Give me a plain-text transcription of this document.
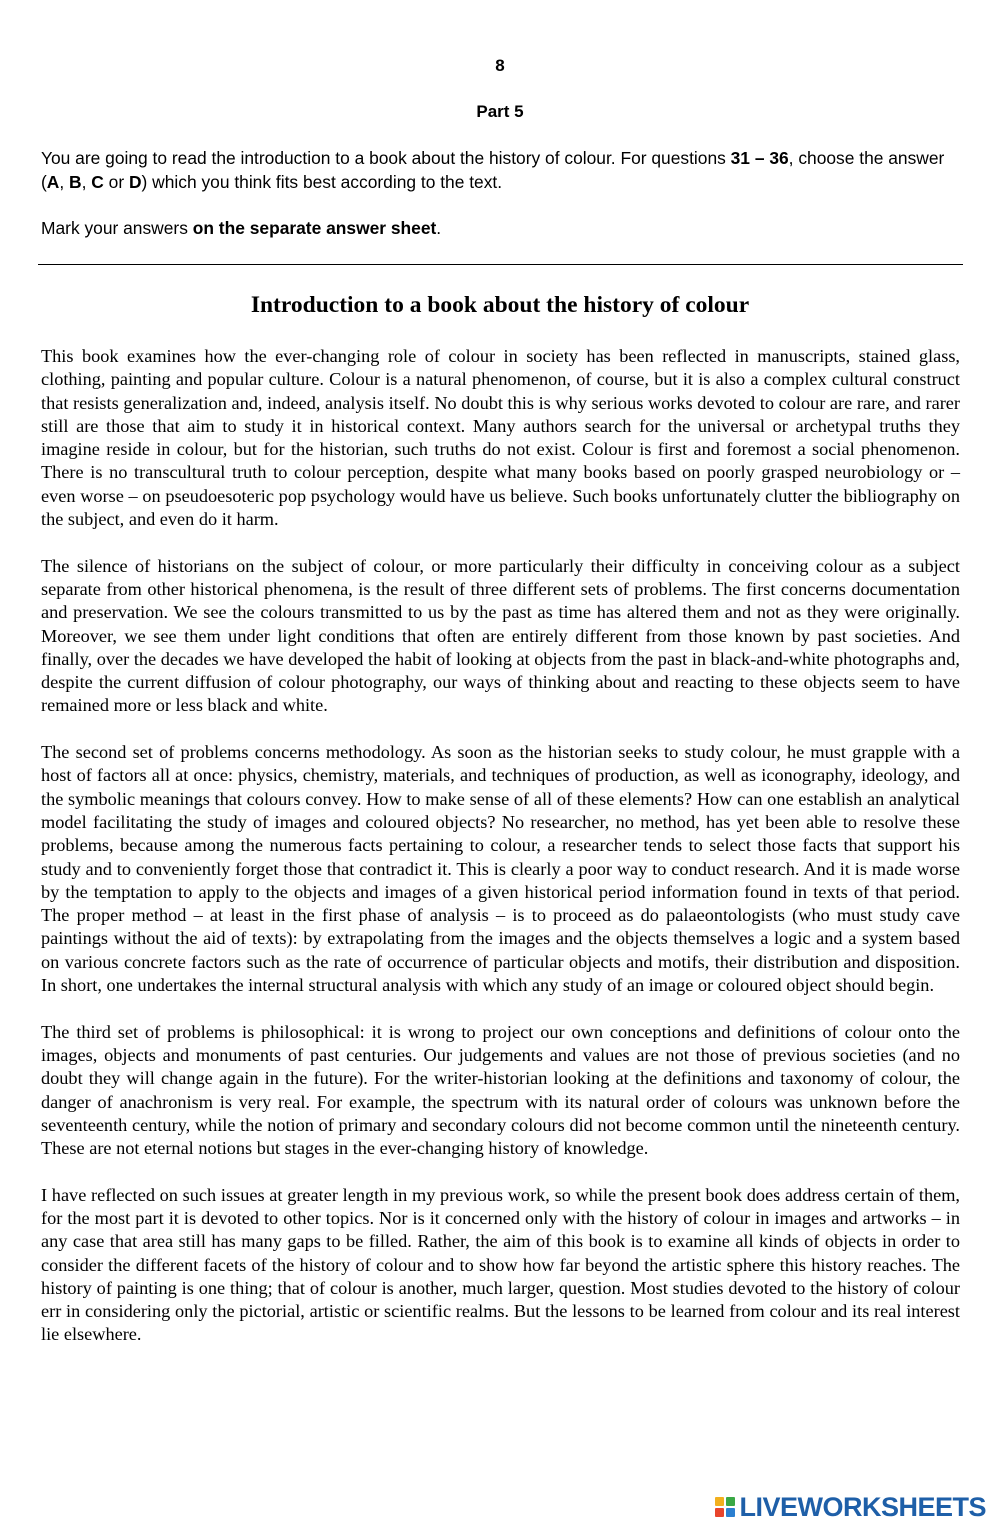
8
Part 5
You are going to read the introduction to a book about the history of colour. For questions 31 – 36, choose the answer (A, B, C or D) which you think fits best according to the text.
Mark your answers on the separate answer sheet.
Introduction to a book about the history of colour

This book examines how the ever-changing role of colour in society has been reflected in manuscripts, stained glass, clothing, painting and popular culture. Colour is a natural phenomenon, of course, but it is also a complex cultural construct that resists generalization and, indeed, analysis itself. No doubt this is why serious works devoted to colour are rare, and rarer still are those that aim to study it in historical context. Many authors search for the universal or archetypal truths they imagine reside in colour, but for the historian, such truths do not exist. Colour is first and foremost a social phenomenon. There is no transcultural truth to colour perception, despite what many books based on poorly grasped neurobiology or – even worse – on pseudoesoteric pop psychology would have us believe. Such books unfortunately clutter the bibliography on the subject, and even do it harm.

The silence of historians on the subject of colour, or more particularly their difficulty in conceiving colour as a subject separate from other historical phenomena, is the result of three different sets of problems. The first concerns documentation and preservation. We see the colours transmitted to us by the past as time has altered them and not as they were originally. Moreover, we see them under light conditions that often are entirely different from those known by past societies. And finally, over the decades we have developed the habit of looking at objects from the past in black-and-white photographs and, despite the current diffusion of colour photography, our ways of thinking about and reacting to these objects seem to have remained more or less black and white.

The second set of problems concerns methodology. As soon as the historian seeks to study colour, he must grapple with a host of factors all at once: physics, chemistry, materials, and techniques of production, as well as iconography, ideology, and the symbolic meanings that colours convey. How to make sense of all of these elements? How can one establish an analytical model facilitating the study of images and coloured objects? No researcher, no method, has yet been able to resolve these problems, because among the numerous facts pertaining to colour, a researcher tends to select those facts that support his study and to conveniently forget those that contradict it. This is clearly a poor way to conduct research. And it is made worse by the temptation to apply to the objects and images of a given historical period information found in texts of that period. The proper method – at least in the first phase of analysis – is to proceed as do palaeontologists (who must study cave paintings without the aid of texts): by extrapolating from the images and the objects themselves a logic and a system based on various concrete factors such as the rate of occurrence of particular objects and motifs, their distribution and disposition. In short, one undertakes the internal structural analysis with which any study of an image or coloured object should begin.

The third set of problems is philosophical: it is wrong to project our own conceptions and definitions of colour onto the images, objects and monuments of past centuries. Our judgements and values are not those of previous societies (and no doubt they will change again in the future). For the writer-historian looking at the definitions and taxonomy of colour, the danger of anachronism is very real. For example, the spectrum with its natural order of colours was unknown before the seventeenth century, while the notion of primary and secondary colours did not become common until the nineteenth century. These are not eternal notions but stages in the ever-changing history of knowledge.

I have reflected on such issues at greater length in my previous work, so while the present book does address certain of them, for the most part it is devoted to other topics. Nor is it concerned only with the history of colour in images and artworks – in any case that area still has many gaps to be filled. Rather, the aim of this book is to examine all kinds of objects in order to consider the different facets of the history of colour and to show how far beyond the artistic sphere this history reaches. The history of painting is one thing; that of colour is another, much larger, question. Most studies devoted to the history of colour err in considering only the pictorial, artistic or scientific realms. But the lessons to be learned from colour and its real interest lie elsewhere.

LIVEWORKSHEETS
